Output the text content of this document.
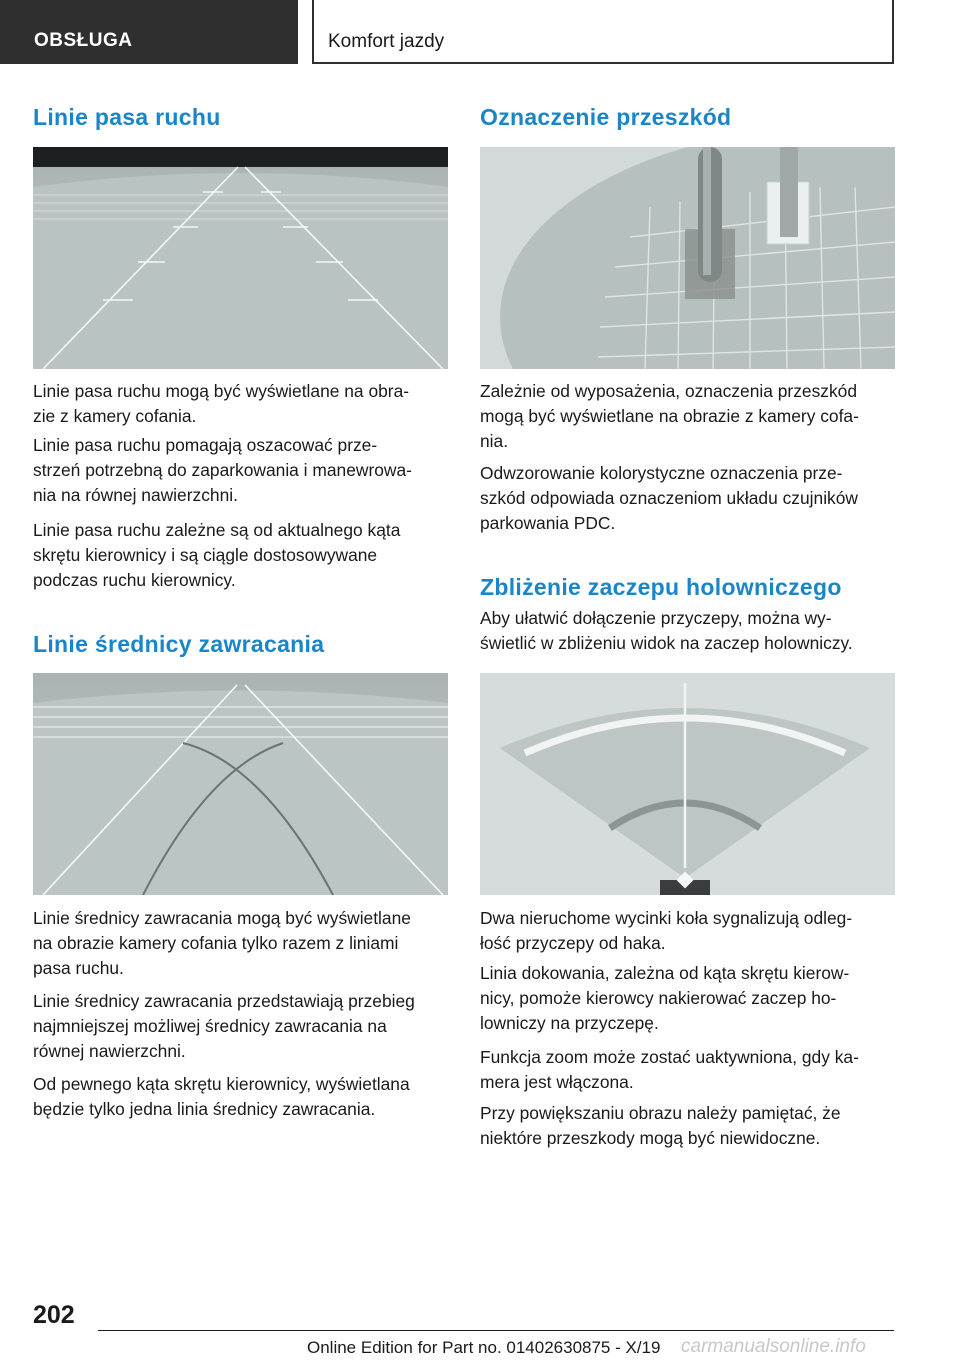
OBSŁUGA	Komfort jazdy
Linie pasa ruchu

Linie pasa ruchu mogą być wyświetlane na obra-
zie z kamery cofania.

Linie pasa ruchu pomagają oszacować prze-
strzeń potrzebną do zaparkowania i manewrowa-
nia na równej nawierzchni.

Linie pasa ruchu zależne są od aktualnego kąta
skrętu kierownicy i są ciągle dostosowywane
podczas ruchu kierownicy.

Linie średnicy zawracania

Linie średnicy zawracania mogą być wyświetlane
na obrazie kamery cofania tylko razem z liniami
pasa ruchu.

Linie średnicy zawracania przedstawiają przebieg
najmniejszej możliwej średnicy zawracania na
równej nawierzchni.

Od pewnego kąta skrętu kierownicy, wyświetlana
będzie tylko jedna linia średnicy zawracania.

Oznaczenie przeszkód

Zależnie od wyposażenia, oznaczenia przeszkód
mogą być wyświetlane na obrazie z kamery cofa-
nia.

Odwzorowanie kolorystyczne oznaczenia prze-
szkód odpowiada oznaczeniom układu czujników
parkowania PDC.

Zbliżenie zaczepu holowniczego

Aby ułatwić dołączenie przyczepy, można wy-
świetlić w zbliżeniu widok na zaczep holowniczy.

Dwa nieruchome wycinki koła sygnalizują odleg-
łość przyczepy od haka.

Linia dokowania, zależna od kąta skrętu kierow-
nicy, pomoże kierowcy nakierować zaczep ho-
lowniczy na przyczepę.

Funkcja zoom może zostać uaktywniona, gdy ka-
mera jest włączona.

Przy powiększaniu obrazu należy pamiętać, że
niektóre przeszkody mogą być niewidoczne.

202
Online Edition for Part no. 01402630875 - X/19 carmanualsonline.info
